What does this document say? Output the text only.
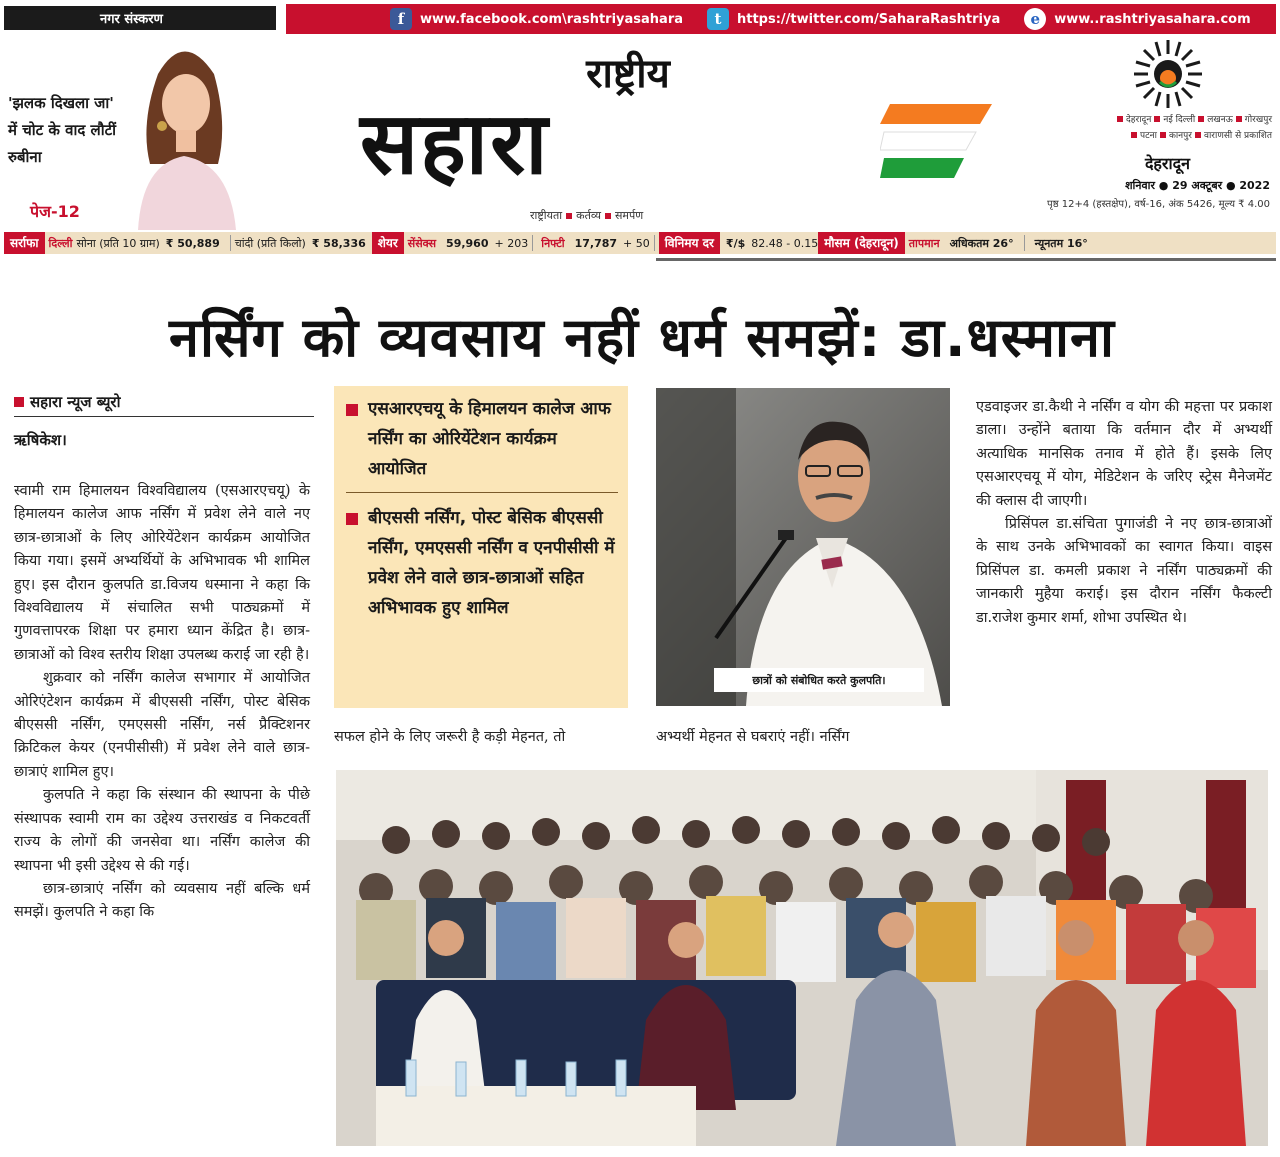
नगर संस्करण	f	www.facebook.com\rashtriyasahara	t	https://twitter.com/SaharaRashtriya	e	www..rashtriyasahara.com
'झलक दिखला जा' में चोट के वाद लौटीं रुबीना
पेज-12
राष्ट्रीय
सहारा
राष्ट्रीयता कर्तव्य समर्पण
देहरादून नई दिल्ली लखनऊ गोरखपुर
पटना कानपुर वाराणसी से प्रकाशित
देहरादून
शनिवार ● 29 अक्टूबर ● 2022
पृष्ठ 12+4 (हस्तक्षेप), वर्ष-16, अंक 5426, मूल्य ₹ 4.00
सर्राफा दिल्ली सोना (प्रति 10 ग्राम) ₹ 50,889 चांदी (प्रति किलो) ₹ 58,336	शेयर सेंसेक्स 59,960 + 203 निफ्टी 17,787 + 50	विनिमय दर	₹/$ 82.48 - 0.15 मौसम (देहरादून) तापमान अधिकतम 26° न्यूनतम 16°
नर्सिंग को व्यवसाय नहीं धर्म समझें: डा.धस्माना
सहारा न्यूज ब्यूरो
ऋषिकेश।

स्वामी राम हिमालयन विश्वविद्यालय (एसआरएचयू) के हिमालयन कालेज आफ नर्सिंग में प्रवेश लेने वाले नए छात्र-छात्राओं के लिए ओरियेंटेशन कार्यक्रम आयोजित किया गया। इसमें अभ्यर्थियों के अभिभावक भी शामिल हुए। इस दौरान कुलपति डा.विजय धस्माना ने कहा कि विश्वविद्यालय में संचालित सभी पाठ्यक्रमों में गुणवत्तापरक शिक्षा पर हमारा ध्यान केंद्रित है। छात्र-छात्राओं को विश्व स्तरीय शिक्षा उपलब्ध कराई जा रही है।

शुक्रवार को नर्सिंग कालेज सभागार में आयोजित ओरिएंटेशन कार्यक्रम में बीएससी नर्सिंग, पोस्ट बेसिक बीएससी नर्सिंग, एमएससी नर्सिंग, नर्स प्रैक्टिशनर क्रिटिकल केयर (एनपीसीसी) में प्रवेश लेने वाले छात्र-छात्राएं शामिल हुए।

कुलपति ने कहा कि संस्थान की स्थापना के पीछे संस्थापक स्वामी राम का उद्देश्य उत्तराखंड व निकटवर्ती राज्य के लोगों की जनसेवा था। नर्सिंग कालेज की स्थापना भी इसी उद्देश्य से की गई।

छात्र-छात्राएं नर्सिंग को व्यवसाय नहीं बल्कि धर्म समझें। कुलपति ने कहा कि

एसआरएचयू के हिमालयन कालेज आफ नर्सिंग का ओरियेंटेशन कार्यक्रम आयोजित
बीएससी नर्सिंग, पोस्ट बेसिक बीएससी नर्सिंग, एमएससी नर्सिंग व एनपीसीसी में प्रवेश लेने वाले छात्र-छात्राओं सहित अभिभावक हुए शामिल

सफल होने के लिए जरूरी है कड़ी मेहनत, तो

छात्रों को संबोधित करते कुलपति।

अभ्यर्थी मेहनत से घबराएं नहीं। नर्सिंग

एडवाइजर डा.कैथी ने नर्सिंग व योग की महत्ता पर प्रकाश डाला। उन्होंने बताया कि वर्तमान दौर में अभ्यर्थी अत्याधिक मानसिक तनाव में होते हैं। इसके लिए एसआरएचयू में योग, मेडिटेशन के जरिए स्ट्रेस मैनेजमेंट की क्लास दी जाएगी।

प्रिसिंपल डा.संचिता पुगाजंडी ने नए छात्र-छात्राओं के साथ उनके अभिभावकों का स्वागत किया। वाइस प्रिसिंपल डा. कमली प्रकाश ने नर्सिंग पाठ्यक्रमों की जानकारी मुहैया कराई। इस दौरान नर्सिंग फैकल्टी डा.राजेश कुमार शर्मा, शोभा उपस्थित थे।
